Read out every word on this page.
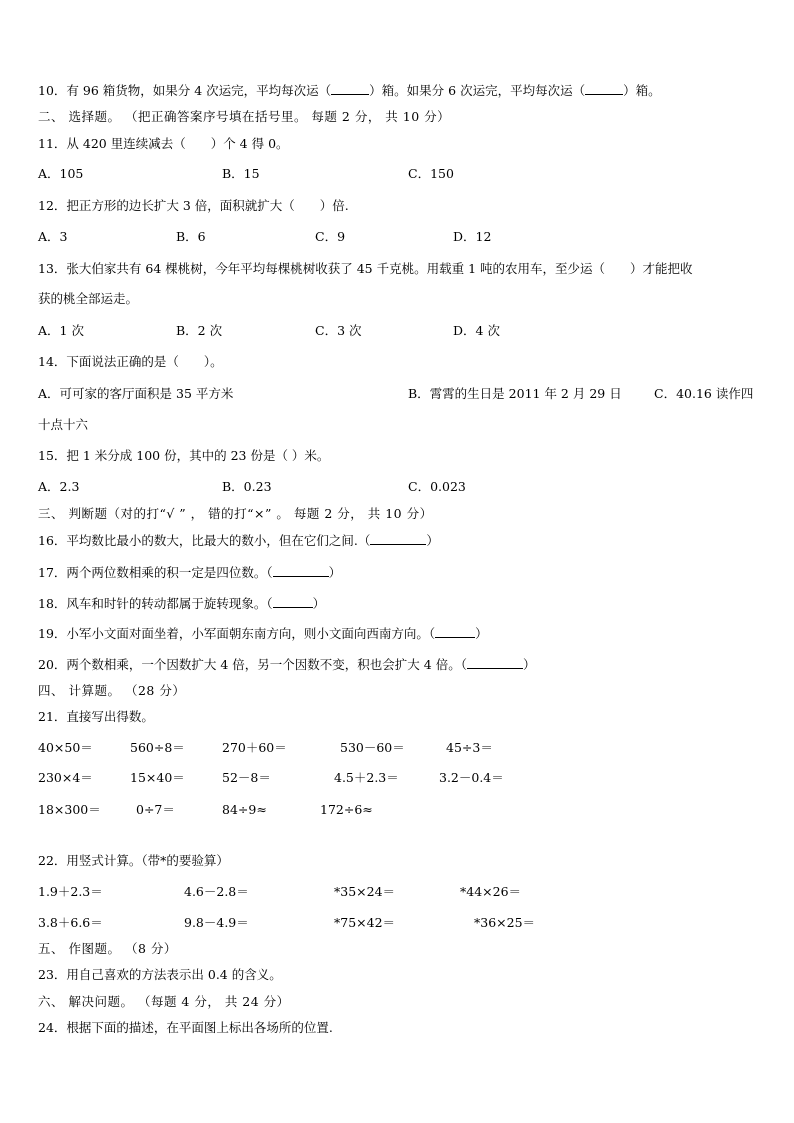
10．有 96 箱货物，如果分 4 次运完，平均每次运（	）箱。如果分 6 次运完，平均每次运（	）箱。
二、 选择题。 （把正确答案序号填在括号里。 每题 2 分， 共 10 分）
11．从 420 里连续减去（　　）个 4 得 0。
A．105	B．15	C．150
12．把正方形的边长扩大 3 倍，面积就扩大（　　）倍.
A．3	B．6	C．9	D．12
13．张大伯家共有 64 棵桃树，今年平均每棵桃树收获了 45 千克桃。用载重 1 吨的农用车，至少运（　　）才能把收
获的桃全部运走。
A．1 次	B．2 次	C．3 次	D．4 次
14．下面说法正确的是（　　）。
A．可可家的客厅面积是 35 平方米	B．霄霄的生日是 2011 年 2 月 29 日	C．40.16 读作四
十点十六
15．把 1 米分成 100 份，其中的 23 份是（ ）米。
A．2.3	B．0.23	C．0.023
三、 判断题（对的打“√ ” ， 错的打“×” 。 每题 2 分， 共 10 分）
16．平均数比最小的数大，比最大的数小，但在它们之间.（	）
17．两个两位数相乘的积一定是四位数。（	）
18．风车和时针的转动都属于旋转现象。（	）
19．小军小文面对面坐着，小军面朝东南方向，则小文面向西南方向。（	）
20．两个数相乘，一个因数扩大 4 倍，另一个因数不变，积也会扩大 4 倍。（	）
四、 计算题。 （28 分）
21．直接写出得数。
40×50＝	560÷8＝	270＋60＝	530－60＝	45÷3＝
230×4＝	15×40＝	52－8＝	4.5＋2.3＝	3.2－0.4＝
18×300＝	0÷7＝	84÷9≈	172÷6≈
22．用竖式计算。（带*的要验算）
1.9＋2.3＝	4.6－2.8＝	*35×24＝	*44×26＝
3.8＋6.6＝	9.8－4.9＝	*75×42＝	*36×25＝
五、 作图题。 （8 分）
23．用自己喜欢的方法表示出 0.4 的含义。
六、 解决问题。 （每题 4 分， 共 24 分）
24．根据下面的描述，在平面图上标出各场所的位置.
